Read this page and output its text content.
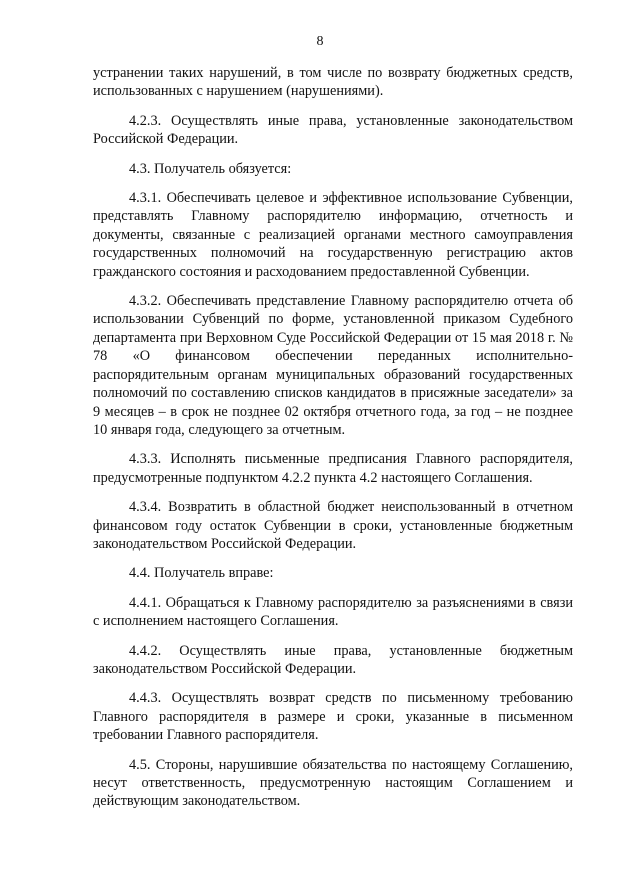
8

устранении таких нарушений, в том числе по возврату бюджетных средств, использованных с нарушением (нарушениями).

4.2.3. Осуществлять иные права, установленные законодательством Российской Федерации.

4.3. Получатель обязуется:

4.3.1. Обеспечивать целевое и эффективное использование Субвенции, представлять Главному распорядителю информацию, отчетность и документы, связанные с реализацией органами местного самоуправления государственных полномочий на государственную регистрацию актов гражданского состояния и расходованием предоставленной Субвенции.

4.3.2. Обеспечивать представление Главному распорядителю отчета об использовании Субвенций по форме, установленной приказом Судебного департамента при Верховном Суде Российской Федерации от 15 мая 2018 г. № 78 «О финансовом обеспечении переданных исполнительно-распорядительным органам муниципальных образований государственных полномочий по составлению списков кандидатов в присяжные заседатели» за 9 месяцев – в срок не позднее 02 октября отчетного года, за год – не позднее 10 января года, следующего за отчетным.

4.3.3. Исполнять письменные предписания Главного распорядителя, предусмотренные подпунктом 4.2.2 пункта 4.2 настоящего Соглашения.

4.3.4. Возвратить в областной бюджет неиспользованный в отчетном финансовом году остаток Субвенции в сроки, установленные бюджетным законодательством Российской Федерации.

4.4. Получатель вправе:

4.4.1. Обращаться к Главному распорядителю за разъяснениями в связи с исполнением настоящего Соглашения.

4.4.2. Осуществлять иные права, установленные бюджетным законодательством Российской Федерации.

4.4.3. Осуществлять возврат средств по письменному требованию Главного распорядителя в размере и сроки, указанные в письменном требовании Главного распорядителя.

4.5. Стороны, нарушившие обязательства по настоящему Соглашению, несут ответственность, предусмотренную настоящим Соглашением и действующим законодательством.
